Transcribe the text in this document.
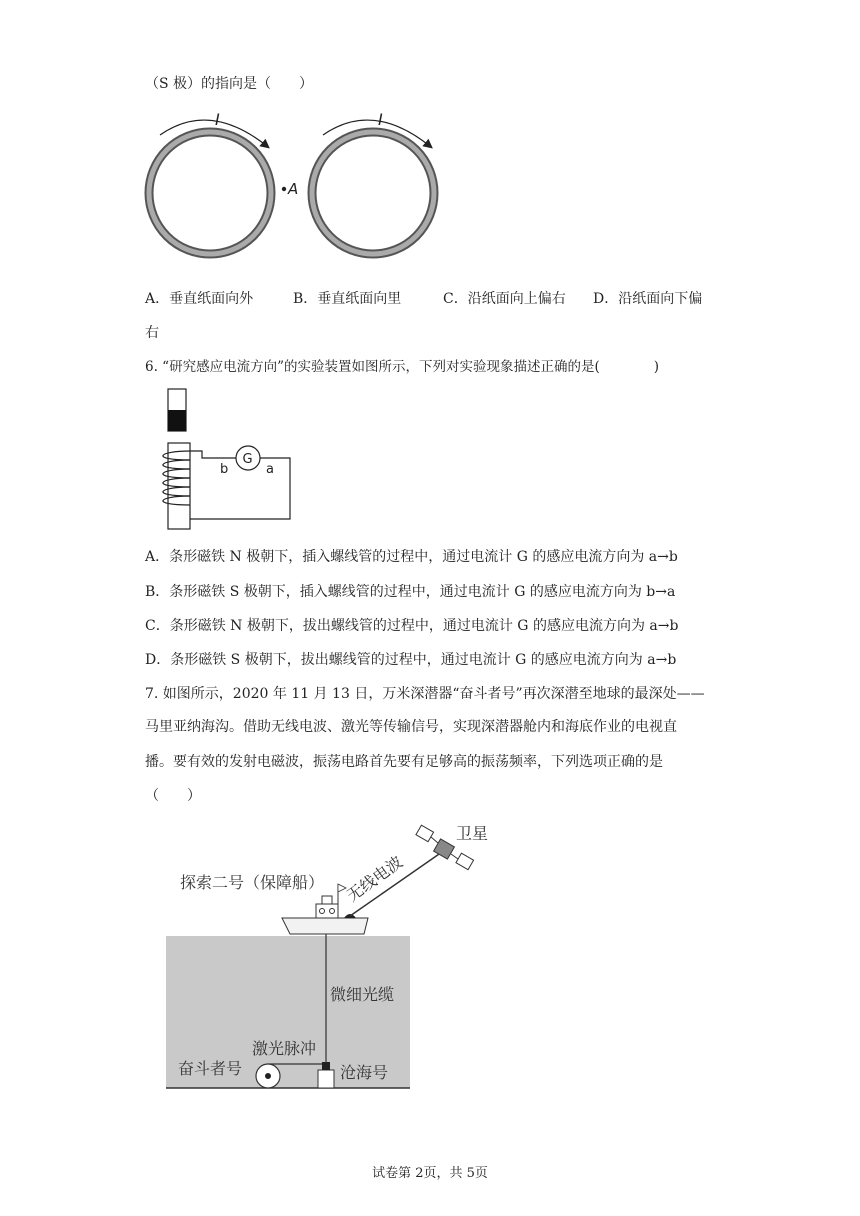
（S 极）的指向是（　　）
I	I
A
A．垂直纸面向外	B．垂直纸面向里	C．沿纸面向上偏右 D．沿纸面向下偏
右
6. “研究感应电流方向”的实验装置如图所示，下列对实验现象描述正确的是(　　　　)
G
b	a
A．条形磁铁 N 极朝下，插入螺线管的过程中，通过电流计 G 的感应电流方向为 a→b
B．条形磁铁 S 极朝下，插入螺线管的过程中，通过电流计 G 的感应电流方向为 b→a
C．条形磁铁 N 极朝下，拔出螺线管的过程中，通过电流计 G 的感应电流方向为 a→b
D．条形磁铁 S 极朝下，拔出螺线管的过程中，通过电流计 G 的感应电流方向为 a→b
7. 如图所示，2020 年 11 月 13 日，万米深潜器“奋斗者号”再次深潜至地球的最深处——
马里亚纳海沟。借助无线电波、激光等传输信号，实现深潜器舱内和海底作业的电视直
播。要有效的发射电磁波，振荡电路首先要有足够高的振荡频率，下列选项正确的是
（　　）
卫星
无线电波
探索二号（保障船）
微细光缆
激光脉冲
奋斗者号	沧海号
试卷第 2页，共 5页
